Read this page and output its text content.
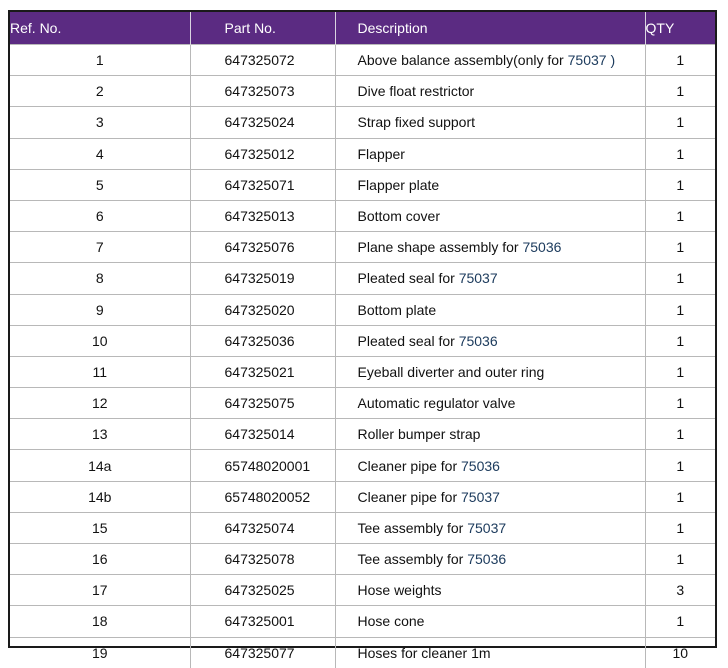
Ref. No.	Part No.	Description	QTY
1	647325072	Above balance assembly(only for 75037 )	1
2	647325073	Dive float restrictor	1
3	647325024	Strap fixed support	1
4	647325012	Flapper	1
5	647325071	Flapper plate	1
6	647325013	Bottom cover	1
7	647325076	Plane shape assembly for 75036	1
8	647325019	Pleated seal for 75037	1
9	647325020	Bottom plate	1
10	647325036	Pleated seal for 75036	1
11	647325021	Eyeball diverter and outer ring	1
12	647325075	Automatic regulator valve	1
13	647325014	Roller bumper strap	1
14a	65748020001	Cleaner pipe for 75036	1
14b	65748020052	Cleaner pipe for 75037	1
15	647325074	Tee assembly for 75037	1
16	647325078	Tee assembly for 75036	1
17	647325025	Hose weights	3
18	647325001	Hose cone	1
19	647325077	Hoses for cleaner 1m	10
